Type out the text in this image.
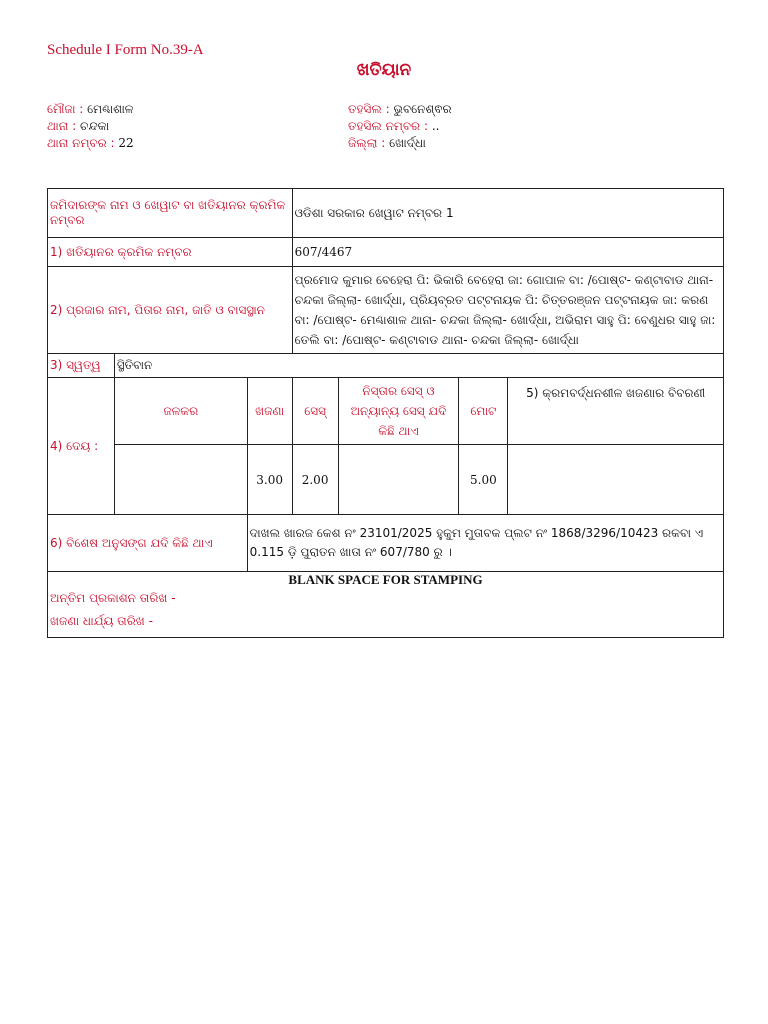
Schedule I Form No.39-A
ଖତିୟାନ
ମୌଜା : ମେଣ୍ଢାଶାଳ
ଥାନା : ଚନ୍ଦକା
ଥାନା ନମ୍ବର : 22
ତହସିଲ : ଭୁବନେଶ୍ଵର
ତହସିଲ ନମ୍ବର : ..
ଜିଲ୍ଲା : ଖୋର୍ଦ୍ଧା
ଜମିଦାରଙ୍କ ନାମ ଓ ଖେୱାଟ ବା ଖତିୟାନର କ୍ରମିକ ନମ୍ବର			ଓଡିଶା ସରକାର ଖେୱାଟ ନମ୍ବର 1			
1) ଖତିୟାନର କ୍ରମିକ ନମ୍ବର			607/4467			
2) ପ୍ରଜାର ନାମ, ପିତାର ନାମ, ଜାତି ଓ ବାସସ୍ଥାନ			ପ୍ରମୋଦ କୁମାର ବେହେରା ପି: ଭିକାରି ବେହେରା ଜା: ଗୋପାଳ ବା: /ପୋଷ୍ଟ- କଣ୍ଟାବାଡ ଥାନା- ଚନ୍ଦକା ଜିଲ୍ଲା- ଖୋର୍ଦ୍ଧା, ପ୍ରିୟବ୍ରତ ପଟ୍ଟନାୟକ ପି: ଚିତ୍ତରଞ୍ଜନ ପଟ୍ଟନାୟକ ଜା: କରଣ ବା: /ପୋଷ୍ଟ- ମେଣ୍ଢାଶାଳ ଥାନା- ଚନ୍ଦକା ଜିଲ୍ଲା- ଖୋର୍ଦ୍ଧା, ଅଭିରାମ ସାହୁ ପି: ବେଣୁଧର ସାହୁ ଜା: ତେଲି ବା: /ପୋଷ୍ଟ- କଣ୍ଟାବାଡ ଥାନା- ଚନ୍ଦକା ଜିଲ୍ଲା- ଖୋର୍ଦ୍ଧା			
3) ସ୍ୱତ୍ୱ	ସ୍ଥିତିବାନ					
4) ଦେୟ :	ଜଳକର	ଖଜଣା	ସେସ୍	ନିସ୍ତାର ସେସ୍ ଓ ଅନ୍ୟାନ୍ୟ ସେସ୍ ଯଦି କିଛି ଥାଏ	ମୋଟ	5) କ୍ରମବର୍ଦ୍ଧନଶୀଳ ଖଜଣାର ବିବରଣୀ
		3.00	2.00		5.00	
6) ବିଶେଷ ଅନୁସଙ୍ଗ ଯଦି କିଛି ଥାଏ		ଦାଖଲ ଖାରଜ କେଶ ନଂ 23101/2025 ହୁକୁମ ମୁତାବକ ପ୍ଲଟ ନଂ 1868/3296/10423 ରକବା ଏ 0.115 ଡ଼ି ପୁରାତନ ଖାତା ନଂ 607/780 ରୁ ।				

BLANK SPACE FOR STAMPING
ଅନ୍ତିମ ପ୍ରକାଶନ ତାରିଖ -
ଖଜଣା ଧାର୍ଯ୍ୟ ତାରିଖ -						
